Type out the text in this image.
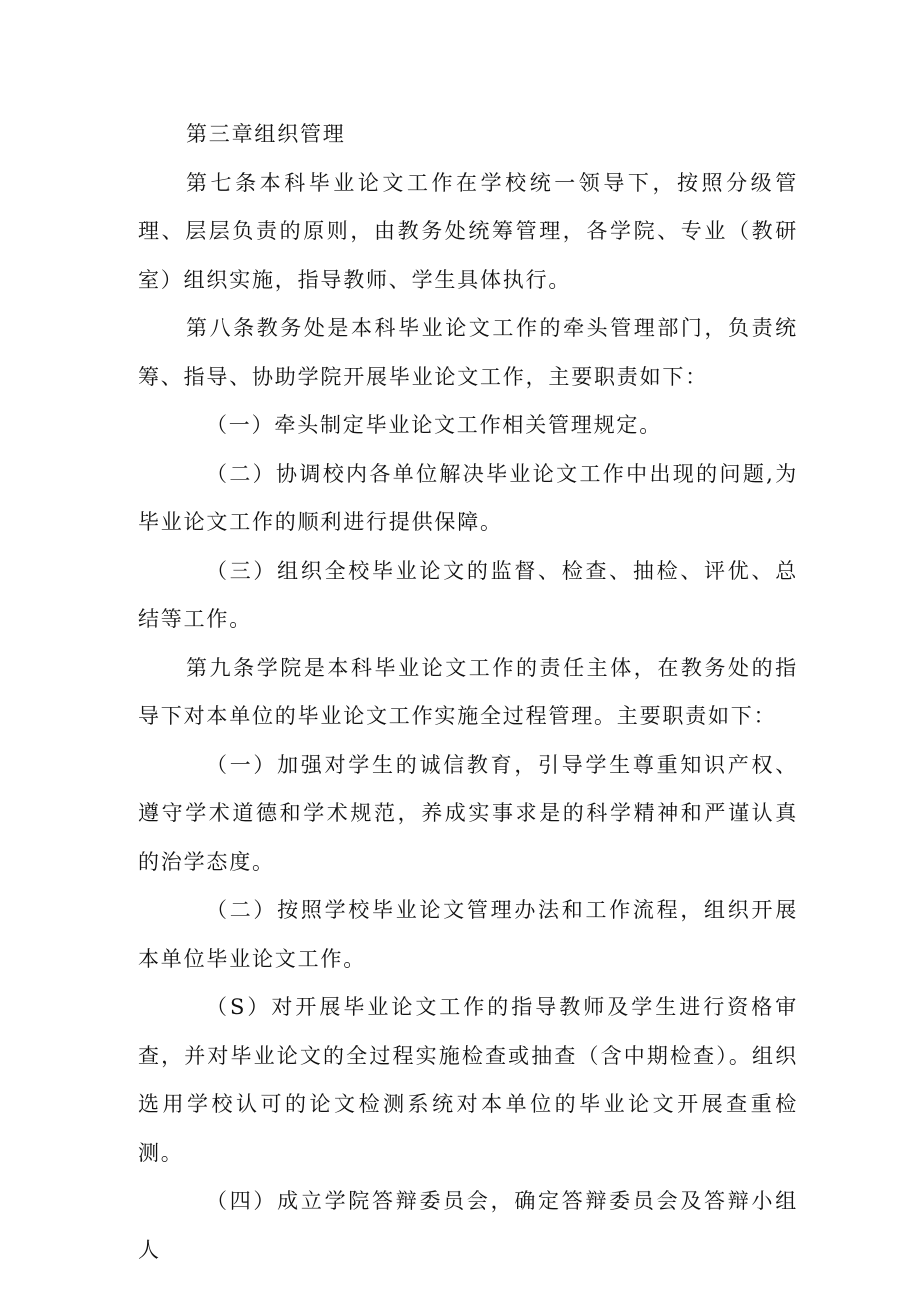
第三章组织管理

第七条本科毕业论文工作在学校统一领导下，按照分级管理、层层负责的原则，由教务处统筹管理，各学院、专业（教研室）组织实施，指导教师、学生具体执行。

第八条教务处是本科毕业论文工作的牵头管理部门，负责统筹、指导、协助学院开展毕业论文工作，主要职责如下：

（一）牵头制定毕业论文工作相关管理规定。

（二）协调校内各单位解决毕业论文工作中出现的问题,为毕业论文工作的顺利进行提供保障。

（三）组织全校毕业论文的监督、检查、抽检、评优、总结等工作。

第九条学院是本科毕业论文工作的责任主体，在教务处的指导下对本单位的毕业论文工作实施全过程管理。主要职责如下：

（一）加强对学生的诚信教育，引导学生尊重知识产权、遵守学术道德和学术规范，养成实事求是的科学精神和严谨认真的治学态度。

（二）按照学校毕业论文管理办法和工作流程，组织开展本单位毕业论文工作。

（S）对开展毕业论文工作的指导教师及学生进行资格审查，并对毕业论文的全过程实施检查或抽查（含中期检查）。组织选用学校认可的论文检测系统对本单位的毕业论文开展查重检测。

（四）成立学院答辩委员会，确定答辩委员会及答辩小组人
